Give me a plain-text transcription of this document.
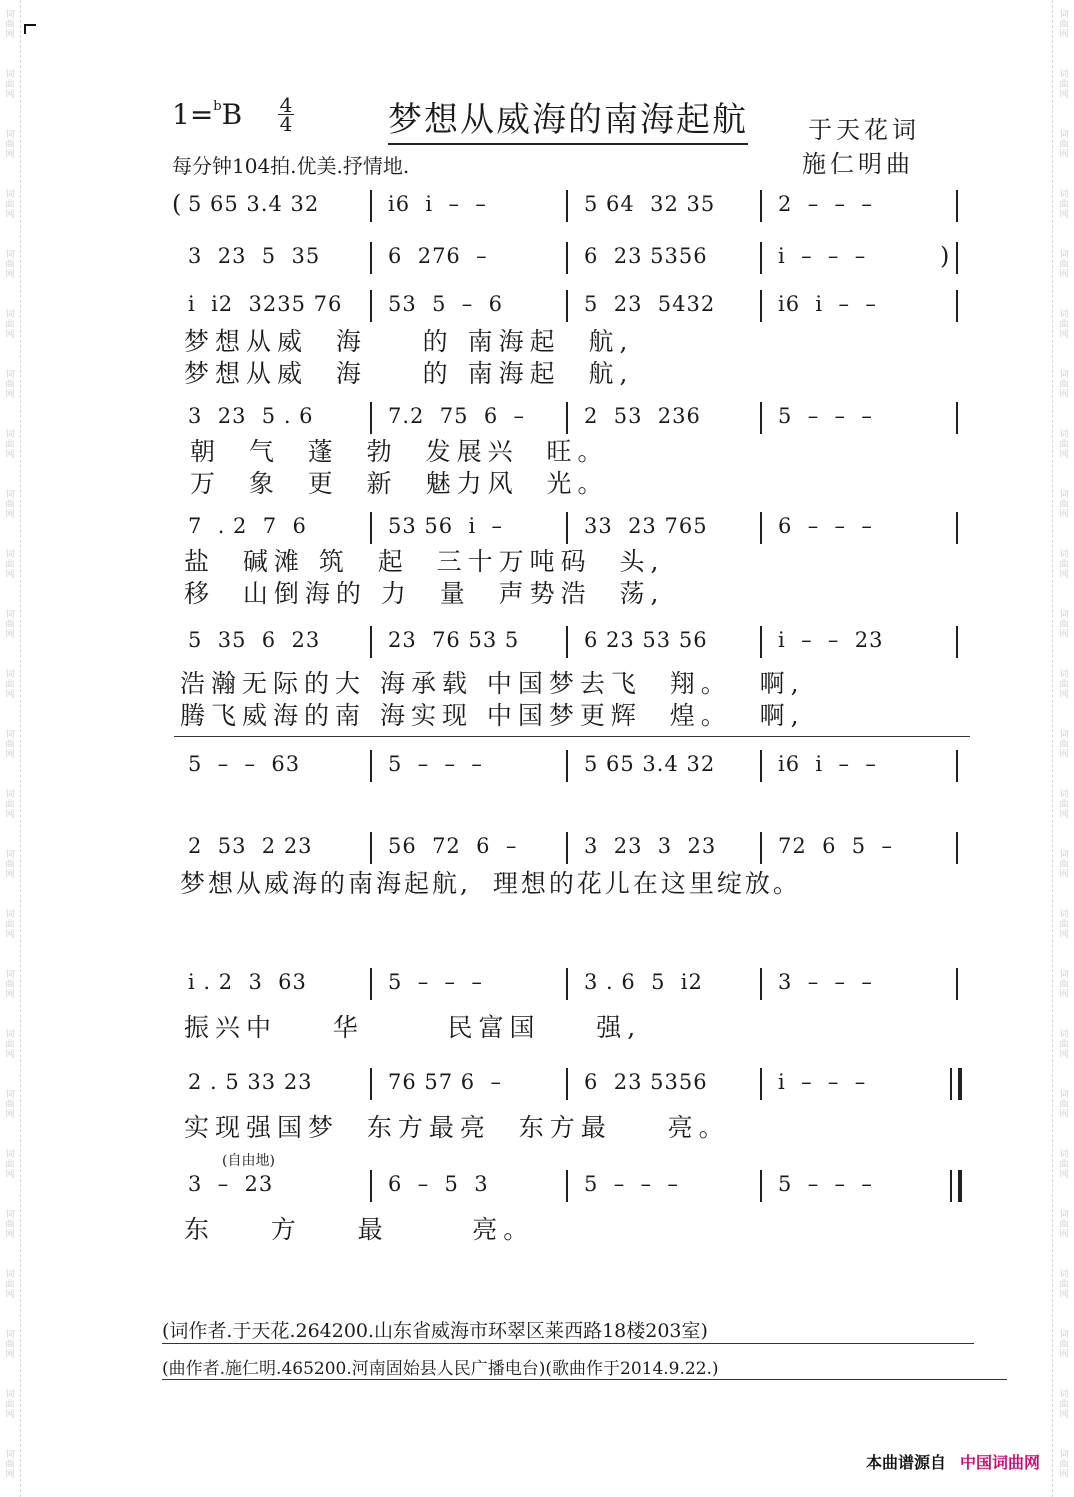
词
曲
网
词
曲
网
词
曲
网
词
曲
网
词
曲
网
词
曲
网
词
曲
网
词
曲
网
词
曲
网
词
曲
网
词
曲
网
词
曲
网
词
曲
网
词
曲
网
词
曲
网
词
曲
网
词
曲
网
词
曲
网
词
曲
网
词
曲
网
词
曲
网
词
曲
网
词
曲
网
词
曲
网
词
曲
网
词
曲
网
词
曲
网
词
曲
网
词
曲
网
词
曲
网
词
曲
网
词
曲
网
词
曲
网
词
曲
网
词
曲
网
词
曲
网
词
曲
网
词
曲
网
词
曲
网
词
曲
网
词
曲
网
词
曲
网
词
曲
网
词
曲
网
词
曲
网
词
曲
网
词
曲
网
词
曲
网
词
曲
网
词
曲
网
1=$^b$B 4
4	梦想从威海的南海起航	于天花词
施仁明曲
每分钟104拍.优美.抒情地.
5 65 3.4 32	i6  i  –  –	5 64  32 35	2  –  –  –
(
3  23  5  35	6  276  –	6  23 5356	i  –  –  –	)
i  i2  3235 76 53  5  –  6	5  23  5432	i6  i  –  –
3  23  5 . 6	7.2  75  6  –	2  53  236	5  –  –  –
7  . 2  7  6	53 56  i  –	33  23 765	6  –  –  –
5  35  6  23	23  76 53 5	6 23 53 56	i  –  –  23
5  –  –  63	5  –  –  –	5 65 3.4 32	i6  i  –  –
2  53  2 23	56  72  6  –	3  23  3  23	72  6  5  –
i . 2  3  63	5  –  –  –	3 . 6  5  i2	3  –  –  –
2 . 5 33 23	76 57 6  –	6  23 5356	i  –  –  –
3  –  23	6  –  5  3	5  –  –  –	5  –  –  –
梦想从威  海    的 南海起  航,
梦想从威  海    的 南海起  航,
朝  气  蓬  勃  发展兴  旺。
万  象  更  新  魅力风  光。
盐  碱滩 筑  起  三十万吨码  头,
移  山倒海的 力  量  声势浩  荡,
浩瀚无际的大 海承载 中国梦去飞  翔。  啊,
腾飞威海的南 海实现 中国梦更辉  煌。  啊,
梦想从威海的南海起航,  理想的花儿在这里绽放。
振兴中    华      民富国    强,
实现强国梦  东方最亮  东方最    亮。
(自由地)
东    方    最      亮。
(词作者.于天花.264200.山东省威海市环翠区莱西路18楼203室)
(曲作者.施仁明.465200.河南固始县人民广播电台)(歌曲作于2014.9.22.)
本曲谱源自 中国词曲网
